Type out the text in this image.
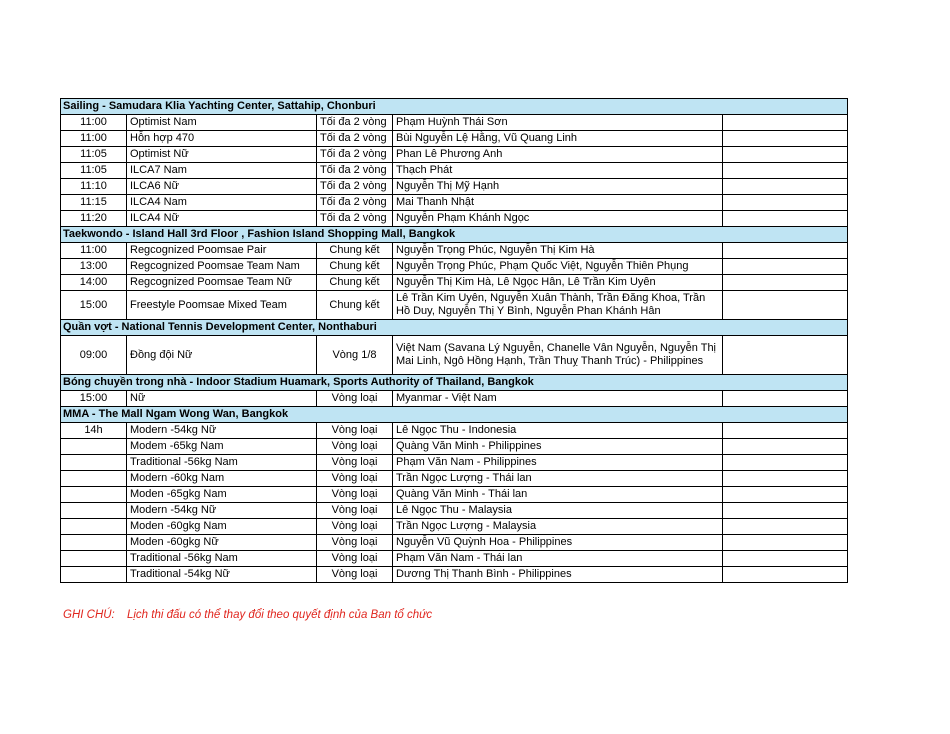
Sailing - Samudara Klia Yachting Center, Sattahip, Chonburi				
11:00	Optimist Nam	Tối đa 2 vòng	Phạm Huỳnh Thái Sơn	
11:00	Hỗn hợp 470	Tối đa 2 vòng	Bùi Nguyễn Lệ Hằng, Vũ Quang Linh	
11:05	Optimist Nữ	Tối đa 2 vòng	Phan Lê Phương Anh	
11:05	ILCA7 Nam	Tối đa 2 vòng	Thạch Phát	
11:10	ILCA6 Nữ	Tối đa 2 vòng	Nguyễn Thị Mỹ Hạnh	
11:15	ILCA4 Nam	Tối đa 2 vòng	Mai Thanh Nhật	
11:20	ILCA4 Nữ	Tối đa 2 vòng	Nguyễn Phạm Khánh Ngọc	
Taekwondo - Island Hall 3rd Floor , Fashion Island Shopping Mall, Bangkok				
11:00	Regcognized Poomsae Pair	Chung kết	Nguyễn Trọng Phúc, Nguyễn Thị Kim Hà	
13:00	Regcognized Poomsae Team Nam	Chung kết	Nguyễn Trọng Phúc, Phạm Quốc Việt, Nguyễn Thiên Phụng	
14:00	Regcognized Poomsae Team Nữ	Chung kết	Nguyễn Thị Kim Hà, Lê Ngọc Hân, Lê Trần Kim Uyên	
15:00	Freestyle Poomsae Mixed Team	Chung kết	Lê Trần Kim Uyên, Nguyễn Xuân Thành, Trần Đăng Khoa, Trần Hồ Duy, Nguyễn Thị Y Bình, Nguyễn Phan Khánh Hân	
Quần vợt - National Tennis Development Center, Nonthaburi				
09:00	Đồng đội Nữ	Vòng 1/8	Việt Nam (Savana Lý Nguyễn, Chanelle Vân Nguyễn, Nguyễn Thị Mai Linh, Ngô Hồng Hạnh, Trần Thuỵ Thanh Trúc) - Philippines	
Bóng chuyền trong nhà - Indoor Stadium Huamark, Sports Authority of Thailand, Bangkok				
15:00	Nữ	Vòng loại	Myanmar - Việt Nam	
MMA - The Mall Ngam Wong Wan, Bangkok				
14h	Modern -54kg Nữ	Vòng loại	Lê Ngọc Thu - Indonesia	
	Modem -65kg Nam	Vòng loại	Quàng Văn Minh - Philippines	
	Traditional -56kg Nam	Vòng loại	Phạm Văn Nam - Philippines	
	Modern -60kg Nam	Vòng loại	Trần Ngọc Lượng - Thái lan	
	Moden -65gkg Nam	Vòng loại	Quàng Văn Minh - Thái lan	
	Modern -54kg Nữ	Vòng loại	Lê Ngọc Thu - Malaysia	
	Moden -60gkg Nam	Vòng loại	Trần Ngọc Lượng - Malaysia	
	Moden -60gkg Nữ	Vòng loại	Nguyễn Vũ Quỳnh Hoa - Philippines	
	Traditional -56kg Nam	Vòng loại	Phạm Văn Nam - Thái lan	
	Traditional -54kg Nữ	Vòng loại	Dương Thị Thanh Bình - Philippines	
GHI CHÚ: Lịch thi đấu có thể thay đổi theo quyết định của Ban tổ chức
